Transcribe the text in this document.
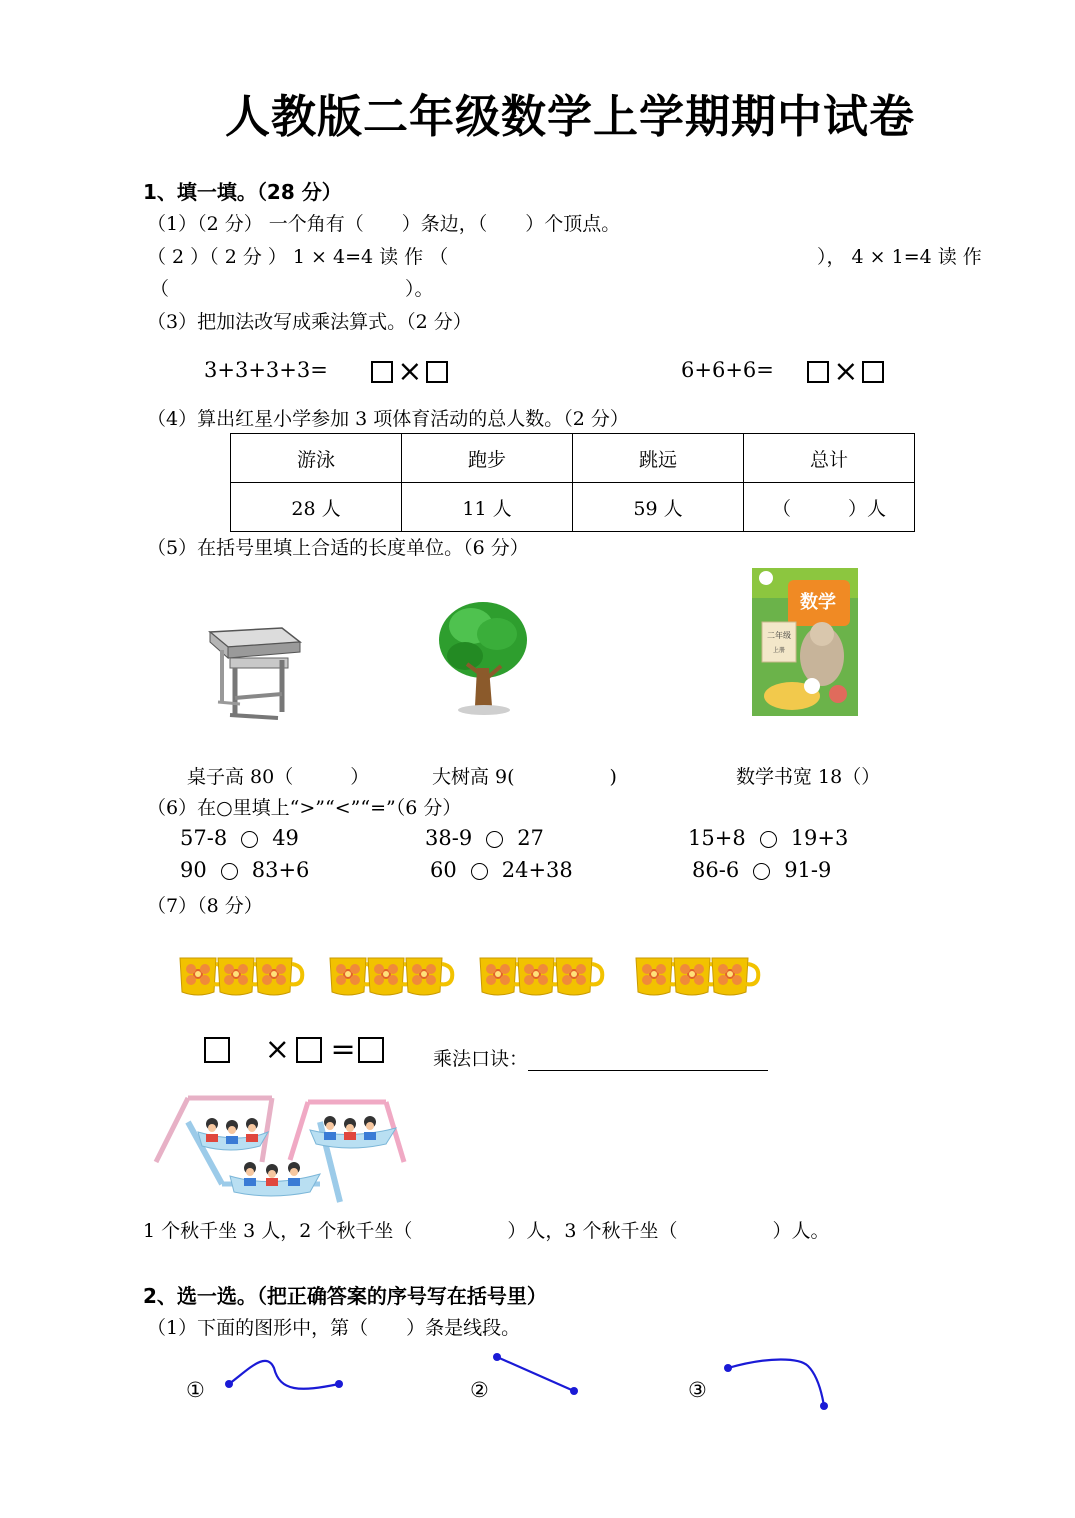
人教版二年级数学上学期期中试卷
1、填一填。（28 分）
（1）（2 分） 一个角有（　　）条边，（　　）个顶点。
（ 2 ）（ 2 分 ） 1 × 4=4 读 作 （	）， 4 × 1=4 读 作
（	）。
（3）把加法改写成乘法算式。（2 分）
3+3+3+3= ×	6+6+6= ×
（4）算出红星小学参加 3 项体育活动的总人数。（2 分）
游泳	跑步	跳远	总计
28 人	11 人	59 人	（　　　）人
（5）在括号里填上合适的长度单位。（6 分）
数学
二年级
上册
桌子高 80（　　　）	大树高 9(　　　　　)	数学书宽 18（）
（6）在○里填上“>”“<”“=”（6 分）
57-8 49	38-9 27	15+8 19+3
90 83+6	60 24+38	86-6 91-9
（7）（8 分）
× =	乘法口诀：
1 个秋千坐 3 人，2 个秋千坐（　　　　　）人，3 个秋千坐（　　　　　）人。
2、选一选。（把正确答案的序号写在括号里）
（1）下面的图形中，第（　　）条是线段。
①	②	③
